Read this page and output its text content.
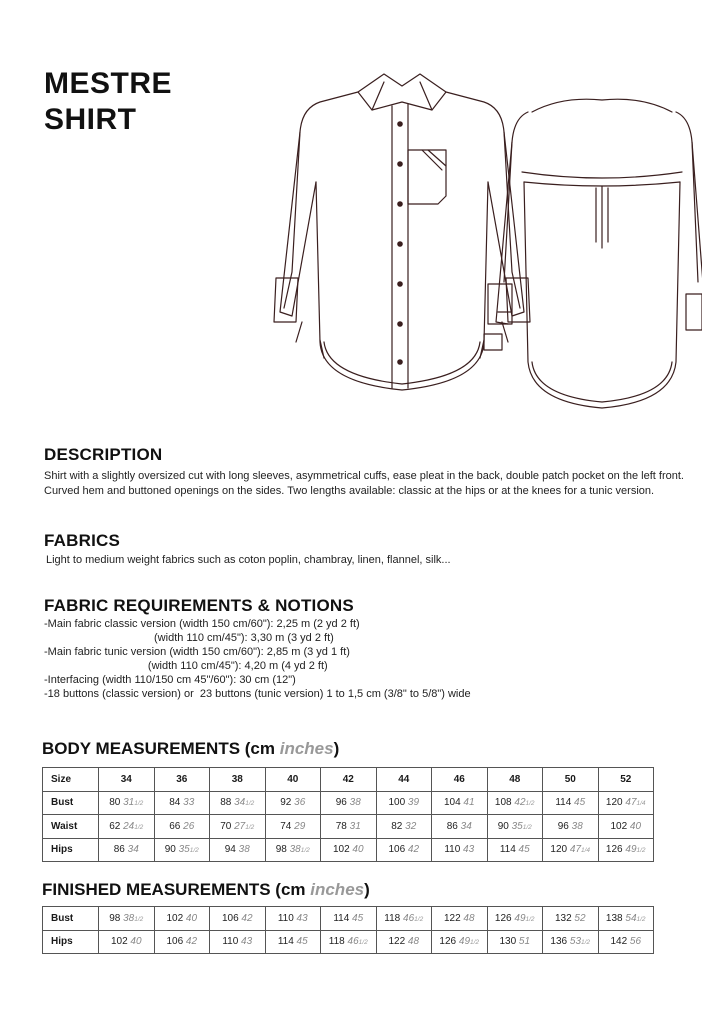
MESTRE
SHIRT
DESCRIPTION

Shirt with a slightly oversized cut with long sleeves, asymmetrical cuffs, ease pleat in the back, double patch pocket on the left front. Curved hem and buttoned openings on the sides. Two lengths available: classic at the hips or at the knees for a tunic version.

FABRICS

Light to medium weight fabrics such as coton poplin, chambray, linen, flannel, silk...

FABRIC REQUIREMENTS & NOTIONS
-Main fabric classic version (width 150 cm/60"): 2,25 m (2 yd 2 ft)
(width 110 cm/45"): 3,30 m (3 yd 2 ft)
-Main fabric tunic version (width 150 cm/60"): 2,85 m (3 yd 1 ft)
(width 110 cm/45"): 4,20 m (4 yd 2 ft)
-Interfacing (width 110/150 cm 45"/60"): 30 cm (12")
-18 buttons (classic version) or  23 buttons (tunic version) 1 to 1,5 cm (3/8" to 5/8") wide
BODY MEASUREMENTS (cm inches)
Size	34	36	38	40	42	44	46	48	50	52
Bust	80 311/2	84 33	88 341/2	92 36	96 38	100 39	104 41	108 421/2	114 45	120 471/4
Waist	62 241/2	66 26	70 271/2	74 29	78 31	82 32	86 34	90 351/2	96 38	102 40
Hips	86 34	90 351/2	94 38	98 381/2	102 40	106 42	110 43	114 45	120 471/4	126 491/2
FINISHED MEASUREMENTS (cm inches)
Bust	98 381/2	102 40	106 42	110 43	114 45	118 461/2	122 48	126 491/2	132 52	138 541/2
Hips	102 40	106 42	110 43	114 45	118 461/2	122 48	126 491/2	130 51	136 531/2	142 56
